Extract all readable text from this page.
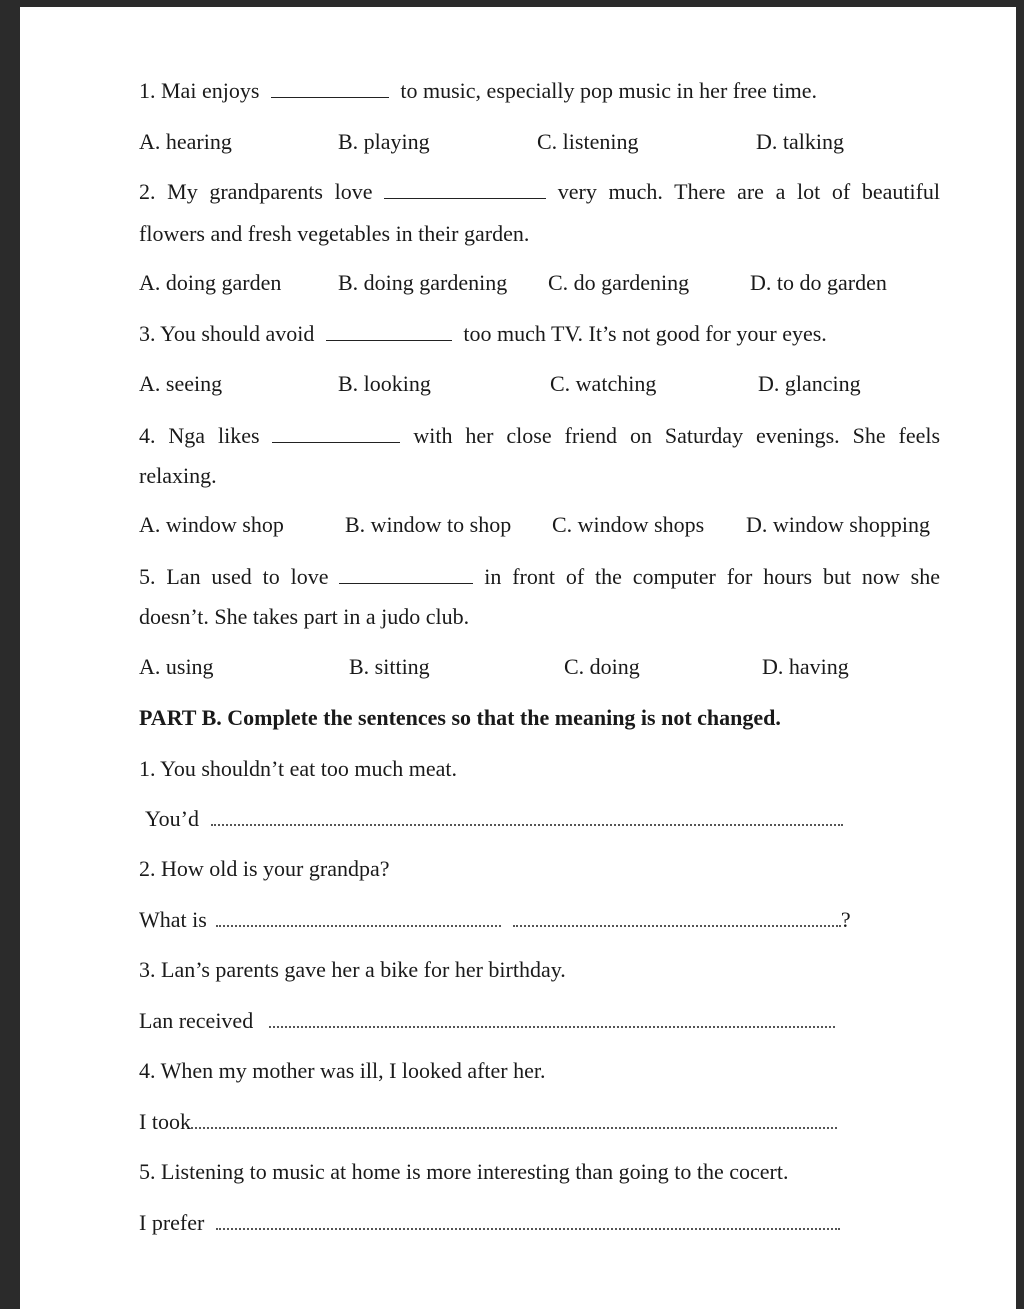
1. Mai enjoys	to music, especially pop music in her free time.
A. hearing	B. playing	C. listening	D. talking
2. My grandparents love	very much. There are a lot of beautiful
flowers and fresh vegetables in their garden.
A. doing garden	B. doing gardening C. do gardening	D. to do garden
3. You should avoid	too much TV. It’s not good for your eyes.
A. seeing	B. looking	C. watching	D. glancing
4. Nga likes	with her close friend on Saturday evenings. She feels
relaxing.
A. window shop	B. window to shop C. window shops D. window shopping
5. Lan used to love	in front of the computer for hours but now she
doesn’t. She takes part in a judo club.
A. using	B. sitting	C. doing	D. having
PART B. Complete the sentences so that the meaning is not changed.
1. You shouldn’t eat too much meat.
You’d
2. How old is your grandpa?
What is	?
3. Lan’s parents gave her a bike for her birthday.
Lan received
4. When my mother was ill, I looked after her.
I took
5. Listening to music at home is more interesting than going to the cocert.
I prefer
